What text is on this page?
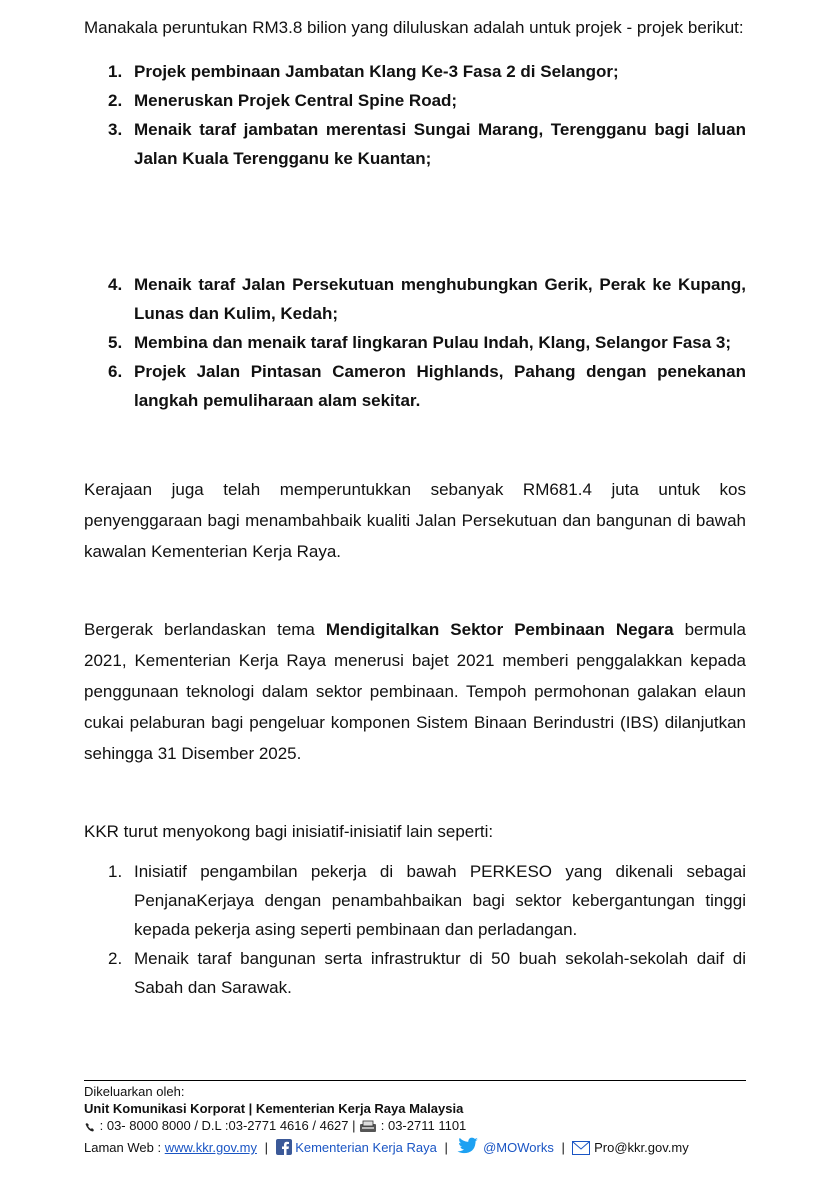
Manakala peruntukan RM3.8 bilion yang diluluskan adalah untuk projek - projek berikut:

1. Projek pembinaan Jambatan Klang Ke-3 Fasa 2 di Selangor;
2. Meneruskan Projek Central Spine Road;
3. Menaik taraf jambatan merentasi Sungai Marang, Terengganu bagi laluan Jalan Kuala Terengganu ke Kuantan;
4. Menaik taraf Jalan Persekutuan menghubungkan Gerik, Perak ke Kupang, Lunas dan Kulim, Kedah;
5. Membina dan menaik taraf lingkaran Pulau Indah, Klang, Selangor Fasa 3;
6. Projek Jalan Pintasan Cameron Highlands, Pahang dengan penekanan langkah pemuliharaan alam sekitar.

Kerajaan juga telah memperuntukkan sebanyak RM681.4 juta untuk kos penyenggaraan bagi menambahbaik kualiti Jalan Persekutuan dan bangunan di bawah kawalan Kementerian Kerja Raya.

Bergerak berlandaskan tema Mendigitalkan Sektor Pembinaan Negara bermula 2021, Kementerian Kerja Raya menerusi bajet 2021 memberi penggalakkan kepada penggunaan teknologi dalam sektor pembinaan. Tempoh permohonan galakan elaun cukai pelaburan bagi pengeluar komponen Sistem Binaan Berindustri (IBS) dilanjutkan sehingga 31 Disember 2025.

KKR turut menyokong bagi inisiatif-inisiatif lain seperti:

1. Inisiatif pengambilan pekerja di bawah PERKESO yang dikenali sebagai PenjanaKerjaya dengan penambahbaikan bagi sektor kebergantungan tinggi kepada pekerja asing seperti pembinaan dan perladangan.
2. Menaik taraf bangunan serta infrastruktur di 50 buah sekolah-sekolah daif di Sabah dan Sarawak.
Dikeluarkan oleh:
Unit Komunikasi Korporat | Kementerian Kerja Raya Malaysia
: 03- 8000 8000 / D.L :03-2771 4616 / 4627 | : 03-2711 1101
Laman Web : www.kkr.gov.my | Kementerian Kerja Raya |	@MOWorks | Pro@kkr.gov.my
